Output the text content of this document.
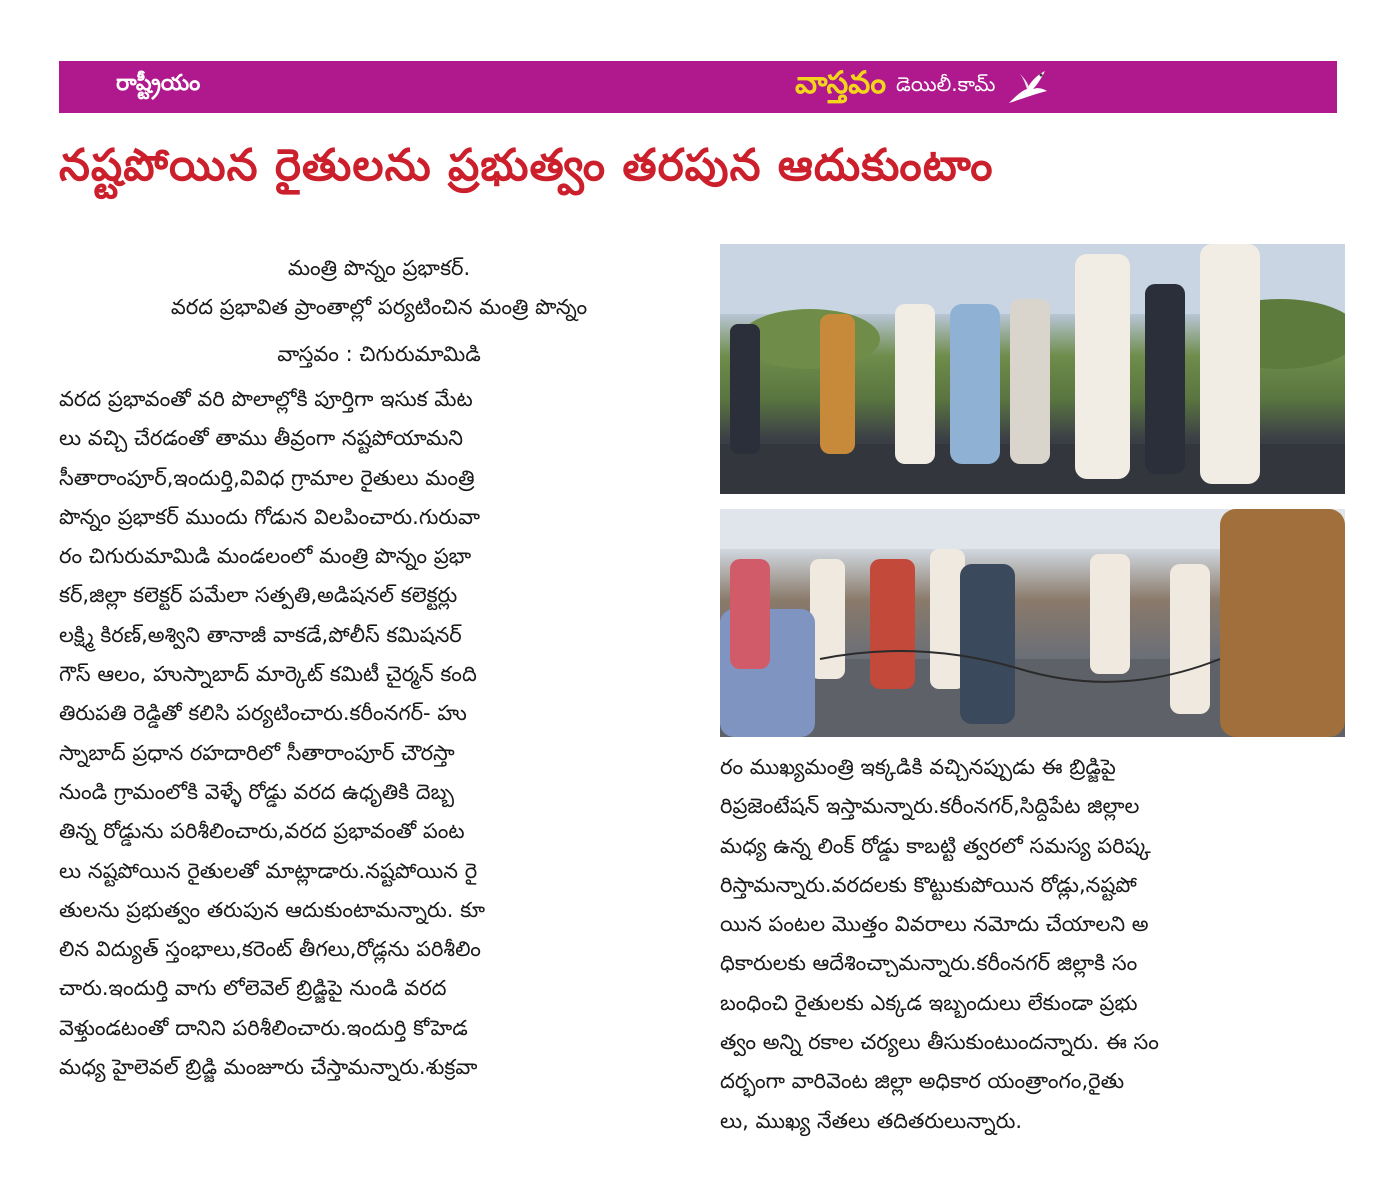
రాష్ట్రీయం	వాస్తవం డెయిలీ.కామ్
నష్టపోయిన రైతులను ప్రభుత్వం తరపున ఆదుకుంటాం
మంత్రి పొన్నం ప్రభాకర్.
వరద ప్రభావిత ప్రాంతాల్లో పర్యటించిన మంత్రి పొన్నం
వాస్తవం : చిగురుమామిడి
వరద ప్రభావంతో వరి పొలాల్లోకి పూర్తిగా ఇసుక మేట
లు వచ్చి చేరడంతో తాము తీవ్రంగా నష్టపోయామని
సీతారాంపూర్,ఇందుర్తి,వివిధ గ్రామాల రైతులు మంత్రి
పొన్నం ప్రభాకర్ ముందు గోడున విలపించారు.గురువా
రం చిగురుమామిడి మండలంలో మంత్రి పొన్నం ప్రభా
కర్,జిల్లా కలెక్టర్ పమేలా సత్పతి,అడిషనల్ కలెక్టర్లు
లక్ష్మి కిరణ్,అశ్విని తానాజీ వాకడే,పోలీస్ కమిషనర్
గౌస్ ఆలం, హుస్నాబాద్ మార్కెట్ కమిటీ చైర్మన్ కంది
తిరుపతి రెడ్డితో కలిసి పర్యటించారు.కరీంనగర్- హు
స్నాబాద్ ప్రధాన రహదారిలో సీతారాంపూర్ చౌరస్తా
నుండి గ్రామంలోకి వెళ్ళే రోడ్డు వరద ఉధృతికి దెబ్బ
తిన్న రోడ్డును పరిశీలించారు,వరద ప్రభావంతో పంట
లు నష్టపోయిన రైతులతో మాట్లాడారు.నష్టపోయిన రై
తులను ప్రభుత్వం తరుపున ఆదుకుంటామన్నారు. కూ
లిన విద్యుత్ స్తంభాలు,కరెంట్ తీగలు,రోడ్లను పరిశీలిం
చారు.ఇందుర్తి వాగు లోలెవెల్ బ్రిడ్జిపై నుండి వరద
వెళ్తుండటంతో దానిని పరిశీలించారు.ఇందుర్తి కోహెడ
మధ్య హైలెవల్ బ్రిడ్జి మంజూరు చేస్తామన్నారు.శుక్రవా
రం ముఖ్యమంత్రి ఇక్కడికి వచ్చినప్పుడు ఈ బ్రిడ్జిపై
రిప్రజెంటేషన్ ఇస్తామన్నారు.కరీంనగర్,సిద్దిపేట జిల్లాల
మధ్య ఉన్న లింక్ రోడ్డు కాబట్టి త్వరలో సమస్య పరిష్క
రిస్తామన్నారు.వరదలకు కొట్టుకుపోయిన రోడ్లు,నష్టపో
యిన పంటల మొత్తం వివరాలు నమోదు చేయాలని అ
ధికారులకు ఆదేశించ్చామన్నారు.కరీంనగర్ జిల్లాకి సం
బంధించి రైతులకు ఎక్కడ ఇబ్బందులు లేకుండా ప్రభు
త్వం అన్ని రకాల చర్యలు తీసుకుంటుందన్నారు. ఈ సం
దర్భంగా వారివెంట జిల్లా అధికార యంత్రాంగం,రైతు
లు, ముఖ్య నేతలు తదితరులున్నారు.
